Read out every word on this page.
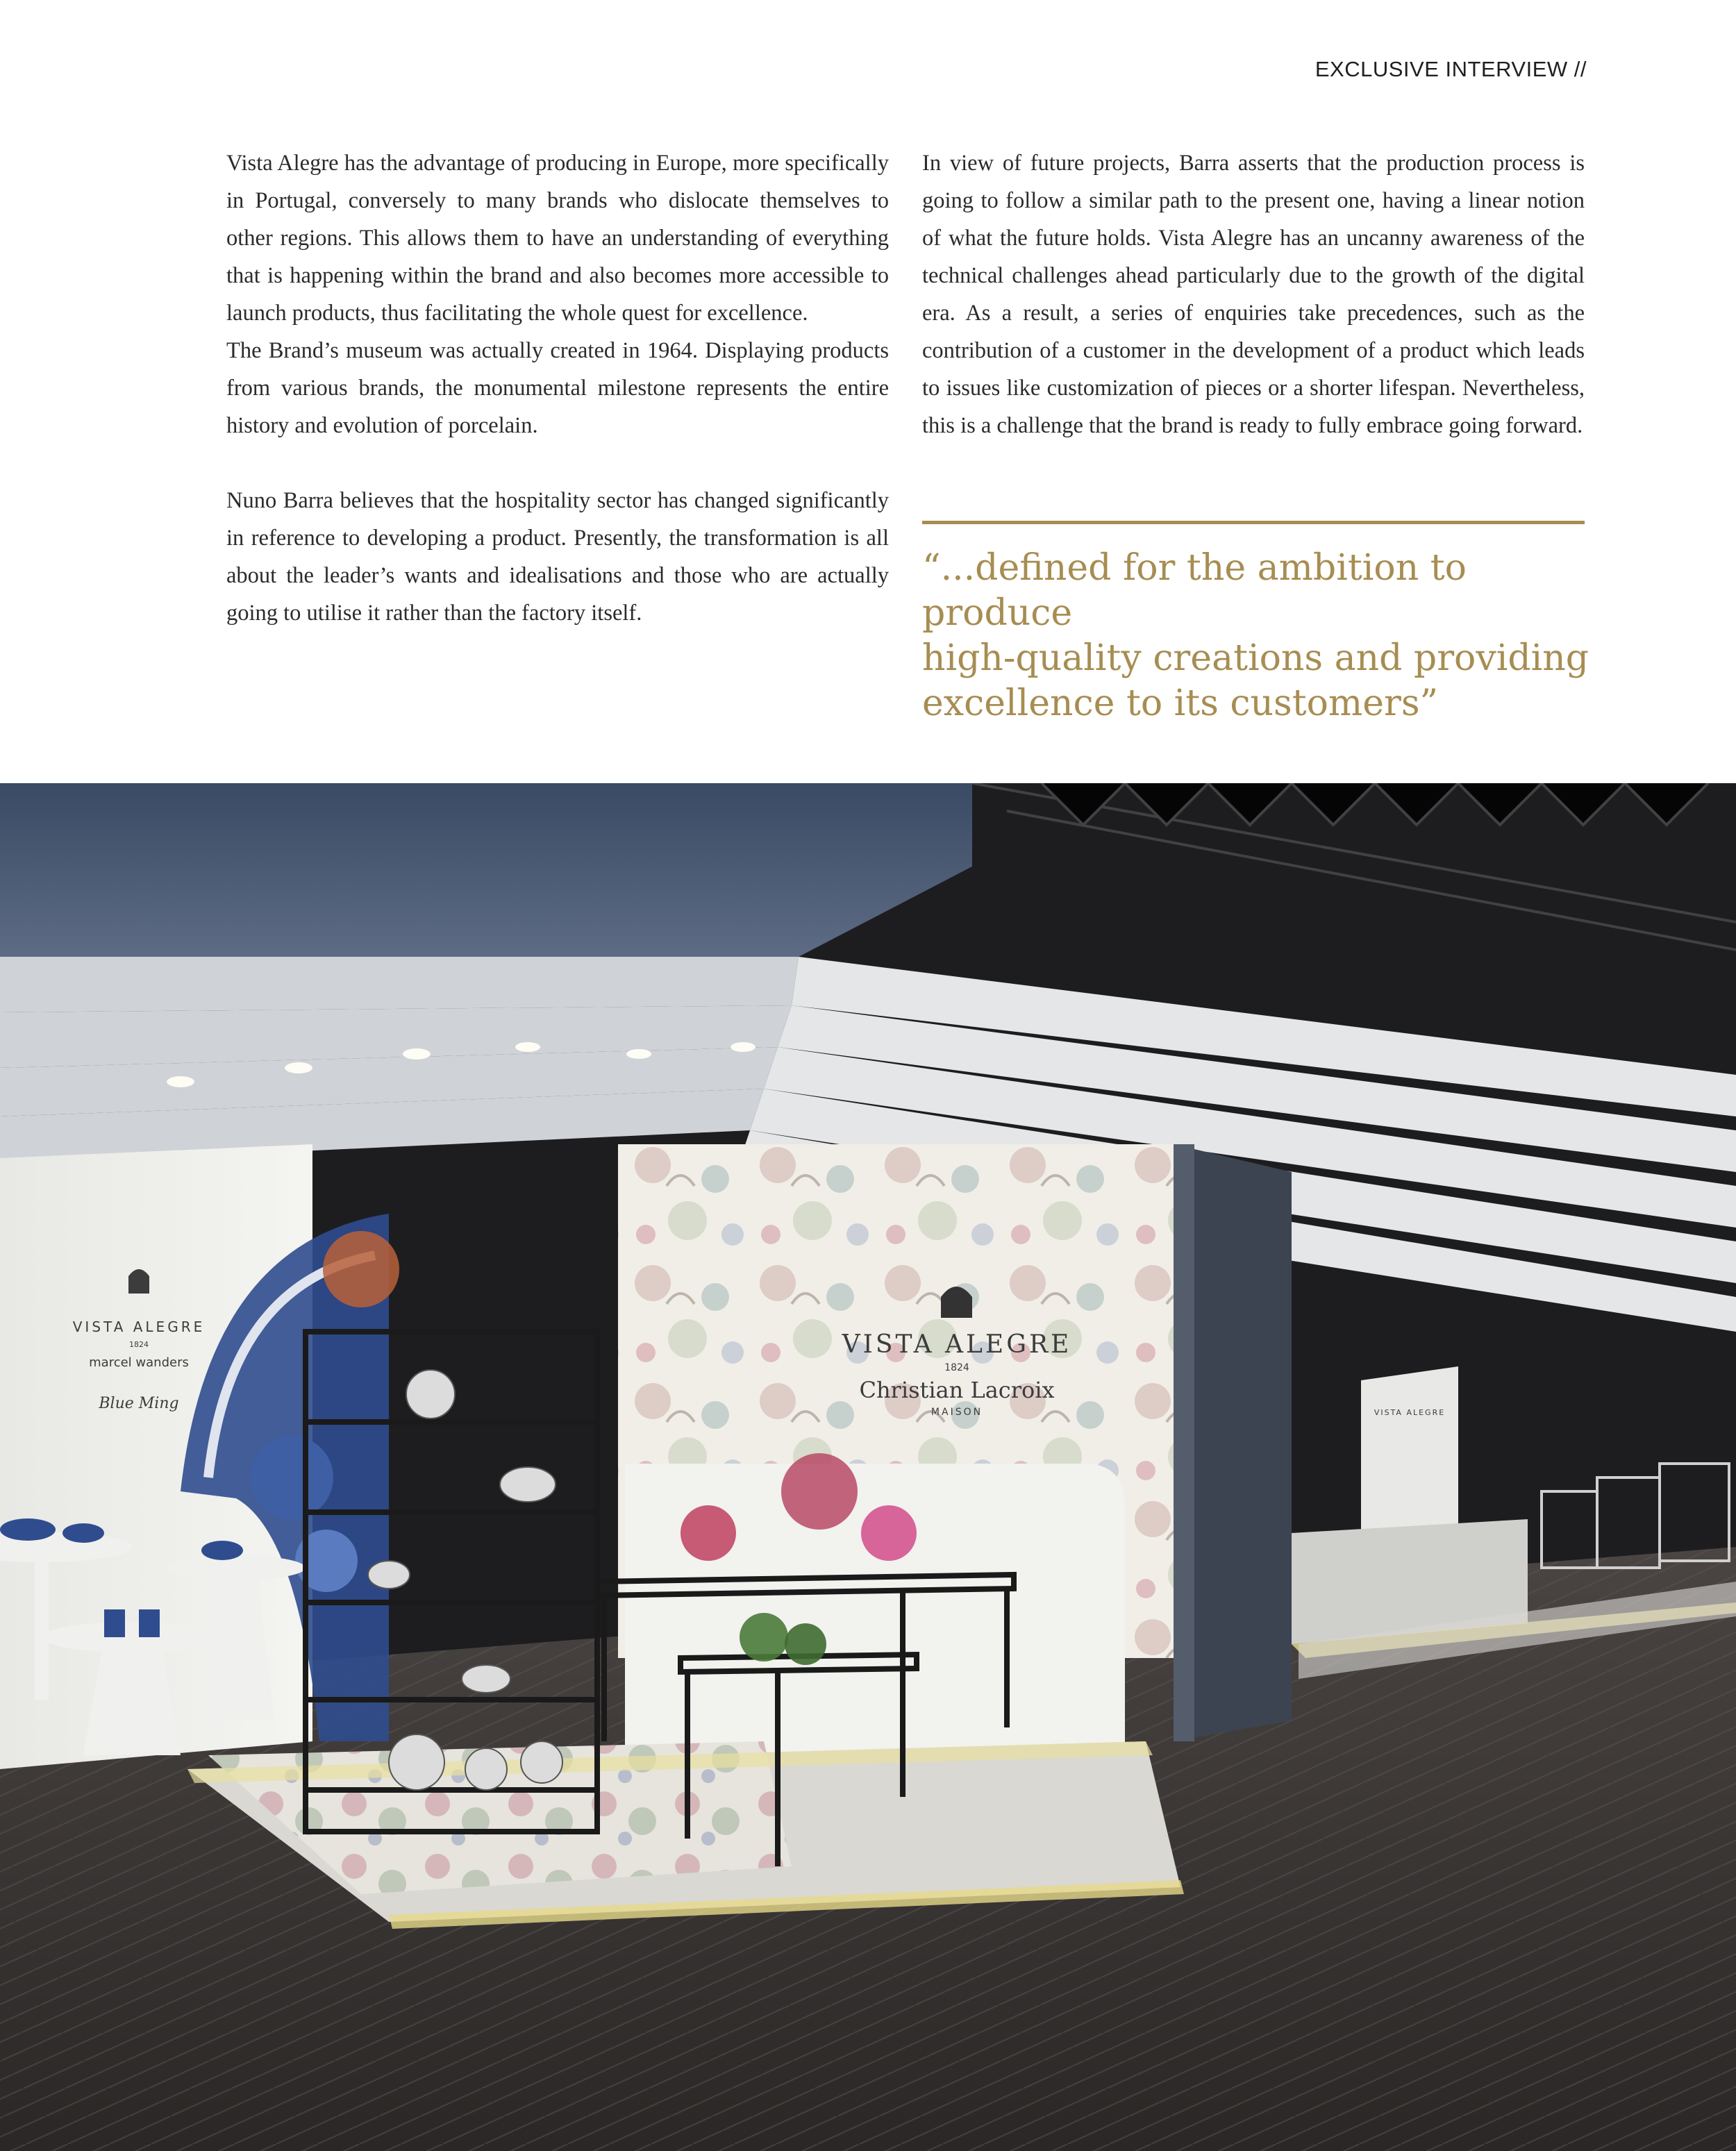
EXCLUSIVE INTERVIEW //

Vista Alegre has the advantage of producing in Europe, more specifically in Portugal, conversely to many brands who dislocate themselves to other regions. This allows them to have an understanding of everything that is happening within the brand and also becomes more accessible to launch products, thus facilitating the whole quest for excellence.

The Brand’s museum was actually created in 1964. Displaying products from various brands, the monumental milestone represents the entire history and evolution of porcelain.

Nuno Barra believes that the hospitality sector has changed significantly in reference to developing a product. Presently, the transformation is all about the leader’s wants and idealisations and those who are actually going to utilise it rather than the factory itself.

In view of future projects, Barra asserts that the production process is going to follow a similar path to the present one, having a linear notion of what the future holds. Vista Alegre has an uncanny awareness of the technical challenges ahead particularly due to the growth of the digital era. As a result, a series of enquiries take precedences, such as the contribution of a customer in the development of a product which leads to issues like customization of pieces or a shorter lifespan. Nevertheless, this is a challenge that the brand is ready to fully embrace going forward.

“...defined for the ambition to produce
high-quality creations and providing
excellence to its customers”
VISTA ALEGRE
1824
marcel wanders
Blue Ming
VISTA ALEGRE
1824
Christian Lacroix
MAISON	VISTA ALEGRE
